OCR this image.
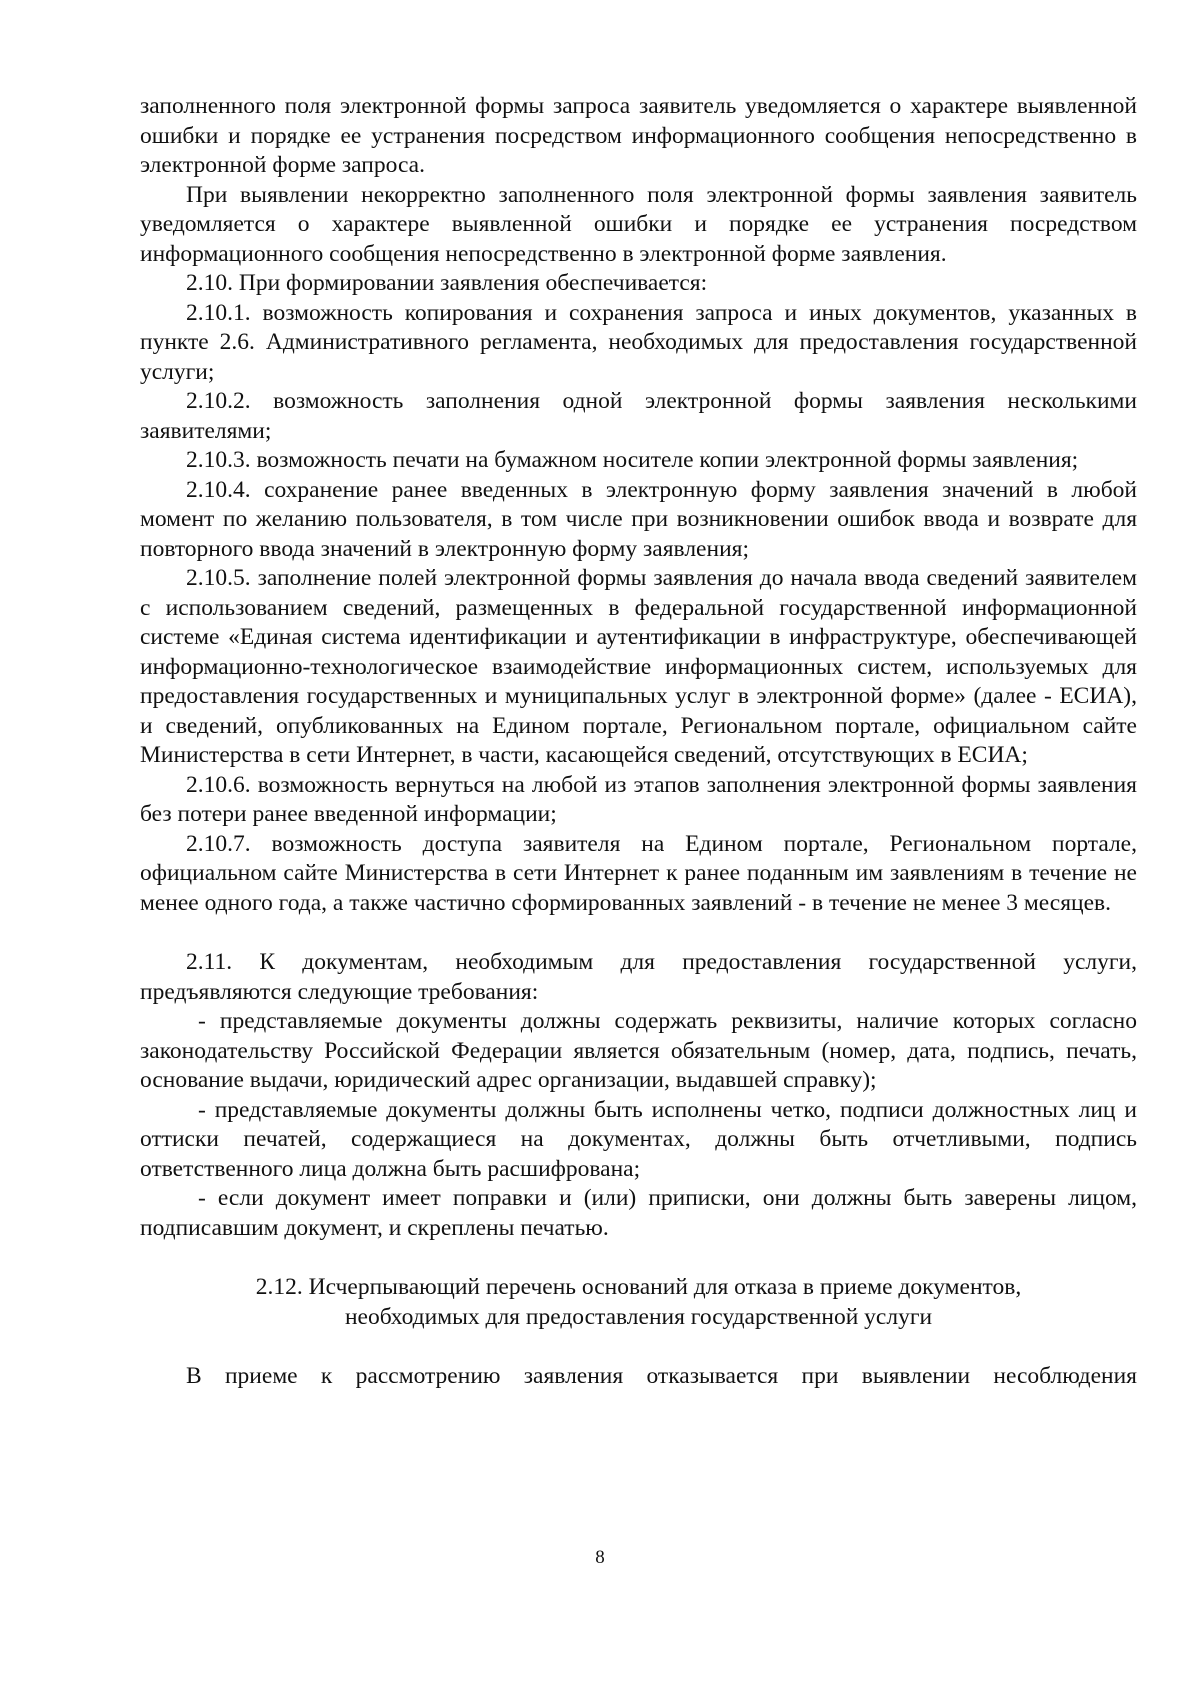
заполненного поля электронной формы запроса заявитель уведомляется о характере выявленной ошибки и порядке ее устранения посредством информационного сообщения непосредственно в электронной форме запроса.

При выявлении некорректно заполненного поля электронной формы заявления заявитель уведомляется о характере выявленной ошибки и порядке ее устранения посредством информационного сообщения непосредственно в электронной форме заявления.

2.10. При формировании заявления обеспечивается:

2.10.1. возможность копирования и сохранения запроса и иных документов, указанных в пункте 2.6. Административного регламента, необходимых для предоставления государственной услуги;

2.10.2. возможность заполнения одной электронной формы заявления несколькими заявителями;

2.10.3. возможность печати на бумажном носителе копии электронной формы заявления;

2.10.4. сохранение ранее введенных в электронную форму заявления значений в любой момент по желанию пользователя, в том числе при возникновении ошибок ввода и возврате для повторного ввода значений в электронную форму заявления;

2.10.5. заполнение полей электронной формы заявления до начала ввода сведений заявителем с использованием сведений, размещенных в федеральной государственной информационной системе «Единая система идентификации и аутентификации в инфраструктуре, обеспечивающей информационно-технологическое взаимодействие информационных систем, используемых для предоставления государственных и муниципальных услуг в электронной форме» (далее - ЕСИА), и сведений, опубликованных на Едином портале, Региональном портале, официальном сайте Министерства в сети Интернет, в части, касающейся сведений, отсутствующих в ЕСИА;

2.10.6. возможность вернуться на любой из этапов заполнения электронной формы заявления без потери ранее введенной информации;

2.10.7. возможность доступа заявителя на Едином портале, Региональном портале, официальном сайте Министерства в сети Интернет к ранее поданным им заявлениям в течение не менее одного года, а также частично сформированных заявлений - в течение не менее 3 месяцев.

2.11. К документам, необходимым для предоставления государственной услуги, предъявляются следующие требования:

- представляемые документы должны содержать реквизиты, наличие которых согласно законодательству Российской Федерации является обязательным (номер, дата, подпись, печать, основание выдачи, юридический адрес организации, выдавшей справку);

- представляемые документы должны быть исполнены четко, подписи должностных лиц и оттиски печатей, содержащиеся на документах, должны быть отчетливыми, подпись ответственного лица должна быть расшифрована;

- если документ имеет поправки и (или) приписки, они должны быть заверены лицом, подписавшим документ, и скреплены печатью.

2.12. Исчерпывающий перечень оснований для отказа в приеме документов,

необходимых для предоставления государственной услуги

В приеме к рассмотрению заявления отказывается при выявлении несоблюдения

8
